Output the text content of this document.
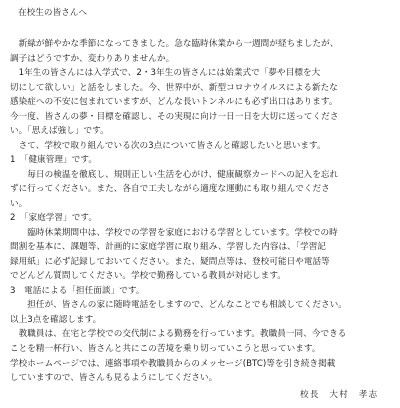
在校生の皆さんへ
　新緑が鮮やかな季節になってきました。急な臨時休業から一週間が経ちましたが、
調子はどうですか、変わりありませんか。
　1年生の皆さんには入学式で、2・3年生の皆さんには始業式で「夢や目標を大
切にして欲しい」と話をしました。今、世界中が、新型コロナウイルスによる新たな
感染症への不安に包まれていますが、どんな長いトンネルにも必ず出口はあります。
今一度、皆さんの夢・目標を確認し、その実現に向け一日一日を大切に送ってくださ
い。「思えば強し」です。
　さて、学校で取り組んでいる次の3点について皆さんと確認したいと思います。
1　「健康管理」です。
　　毎日の検温を徹底し、規則正しい生活を心がけ、健康観察カードへの記入を忘れ
ずに行ってください。また、各自で工夫しながら適度な運動にも取り組んでくださ
い。
2　「家庭学習」です。
　　臨時休業期間中は、学校での学習を家庭における学習としています。学校での時
間割を基本に、課題等、計画的に家庭学習に取り組み、学習した内容は、「学習記
録用紙」に必ず記録しておいてください。また、疑問点等は、登校可能日や電話等
でどんどん質問してください。学校で勤務している教員が対応します。
3　電話による「担任面談」です。
　　担任が、皆さんの家に随時電話をしますので、どんなことでも相談してください。
以上3点を確認します。
　教職員は、在宅と学校での交代制による勤務を行っています。教職員一同、今できる
ことを精一杯行い、皆さんと共にこの苦境を乗り切っていこうと思っています。
学校ホームページでは、連絡事項や教職員からのメッセージ(BTC)等を引き続き掲載
していますので、皆さんも見るようにしてください。
校長　大村　孝志
